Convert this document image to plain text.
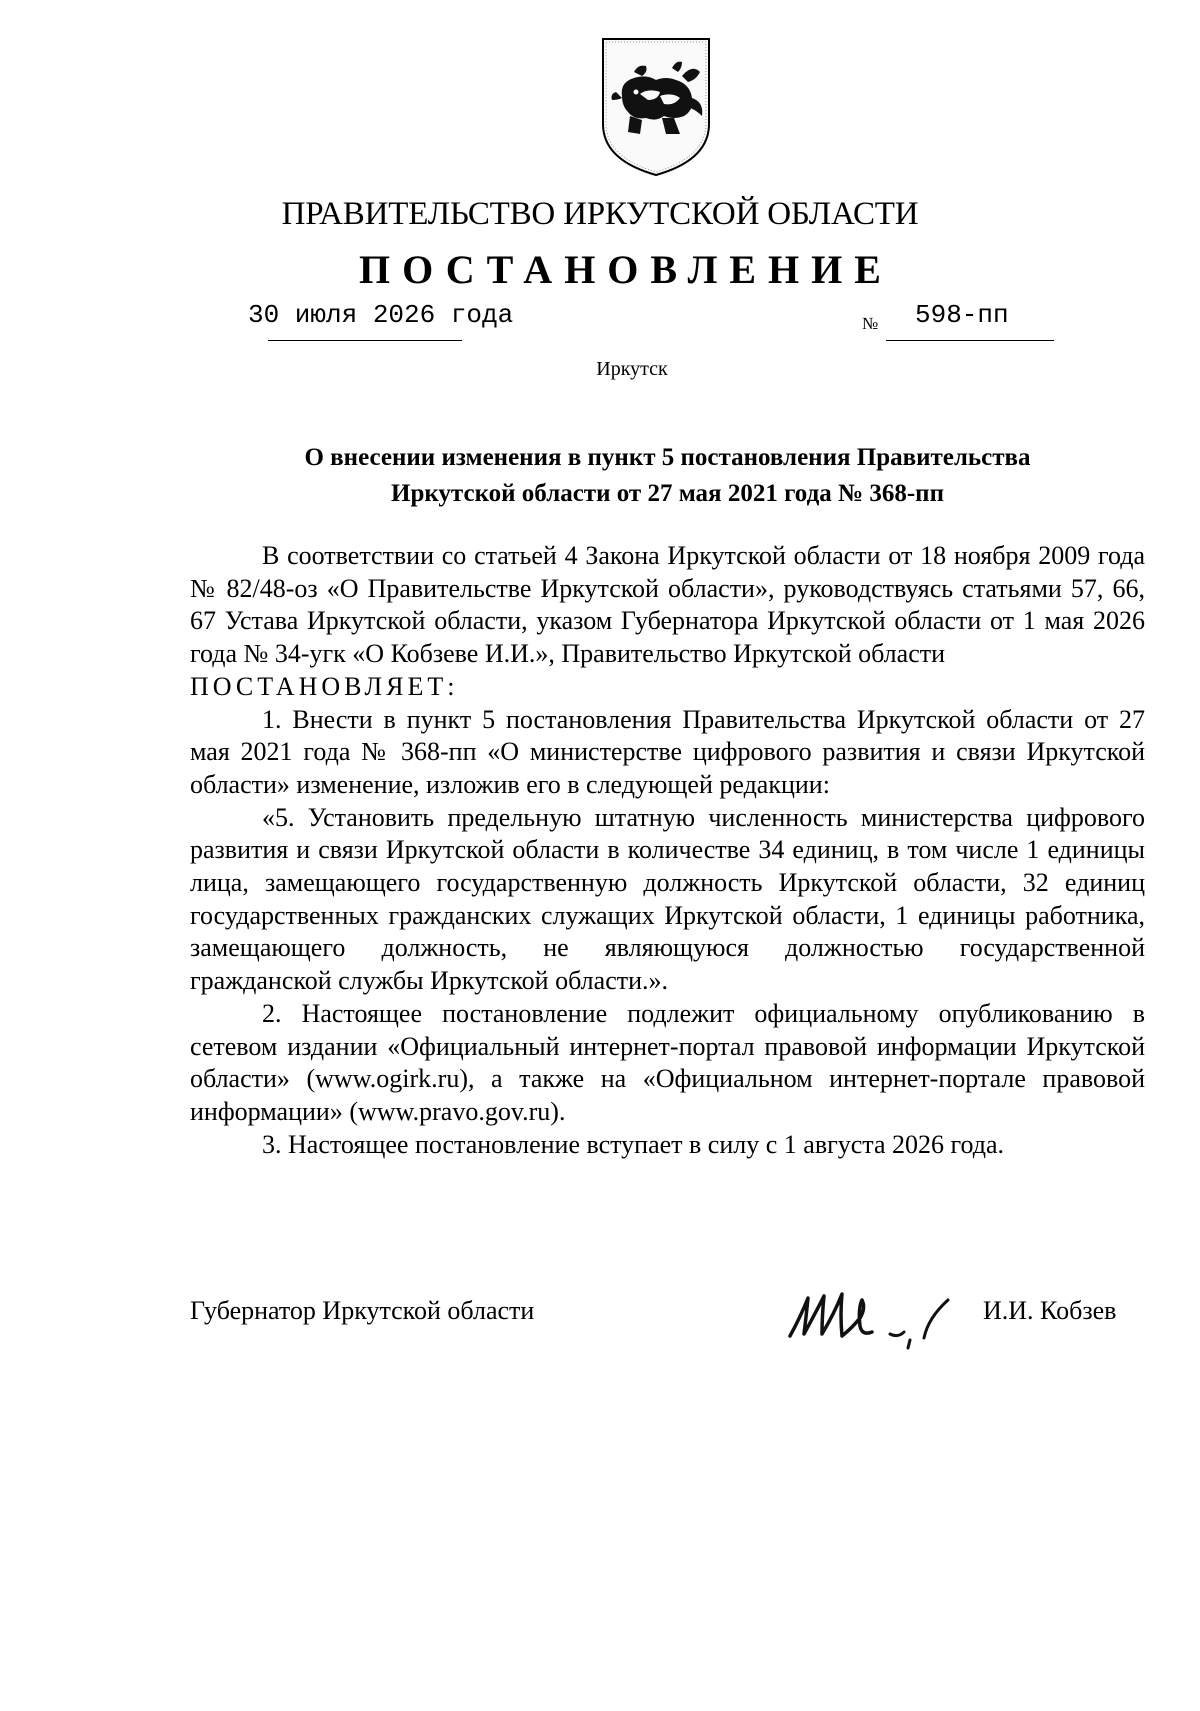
ПРАВИТЕЛЬСТВО ИРКУТСКОЙ ОБЛАСТИ
ПОСТАНОВЛЕНИЕ
30 июля 2026 года	№ 598-пп
Иркутск
О внесении изменения в пункт 5 постановления Правительства
Иркутской области от 27 мая 2021 года № 368-пп

В соответствии со статьей 4 Закона Иркутской области от 18 ноября 2009 года № 82/48-оз «О Правительстве Иркутской области», руководствуясь статьями 57, 66, 67 Устава Иркутской области, указом Губернатора Иркутской области от 1 мая 2026 года № 34-угк «О Кобзеве И.И.», Правительство Иркутской области

ПОСТАНОВЛЯЕТ:

1. Внести в пункт 5 постановления Правительства Иркутской области от 27 мая 2021 года № 368-пп «О министерстве цифрового развития и связи Иркутской области» изменение, изложив его в следующей редакции:

«5. Установить предельную штатную численность министерства цифрового развития и связи Иркутской области в количестве 34 единиц, в том числе 1 единицы лица, замещающего государственную должность Иркутской области, 32 единиц государственных гражданских служащих Иркутской области, 1 единицы работника, замещающего должность, не являющуюся должностью государственной гражданской службы Иркутской области.».

2. Настоящее постановление подлежит официальному опубликованию в сетевом издании «Официальный интернет-портал правовой информации Иркутской области» (www.ogirk.ru), а также на «Официальном интернет-портале правовой информации» (www.pravo.gov.ru).

3. Настоящее постановление вступает в силу с 1 августа 2026 года.

Губернатор Иркутской области	И.И. Кобзев
